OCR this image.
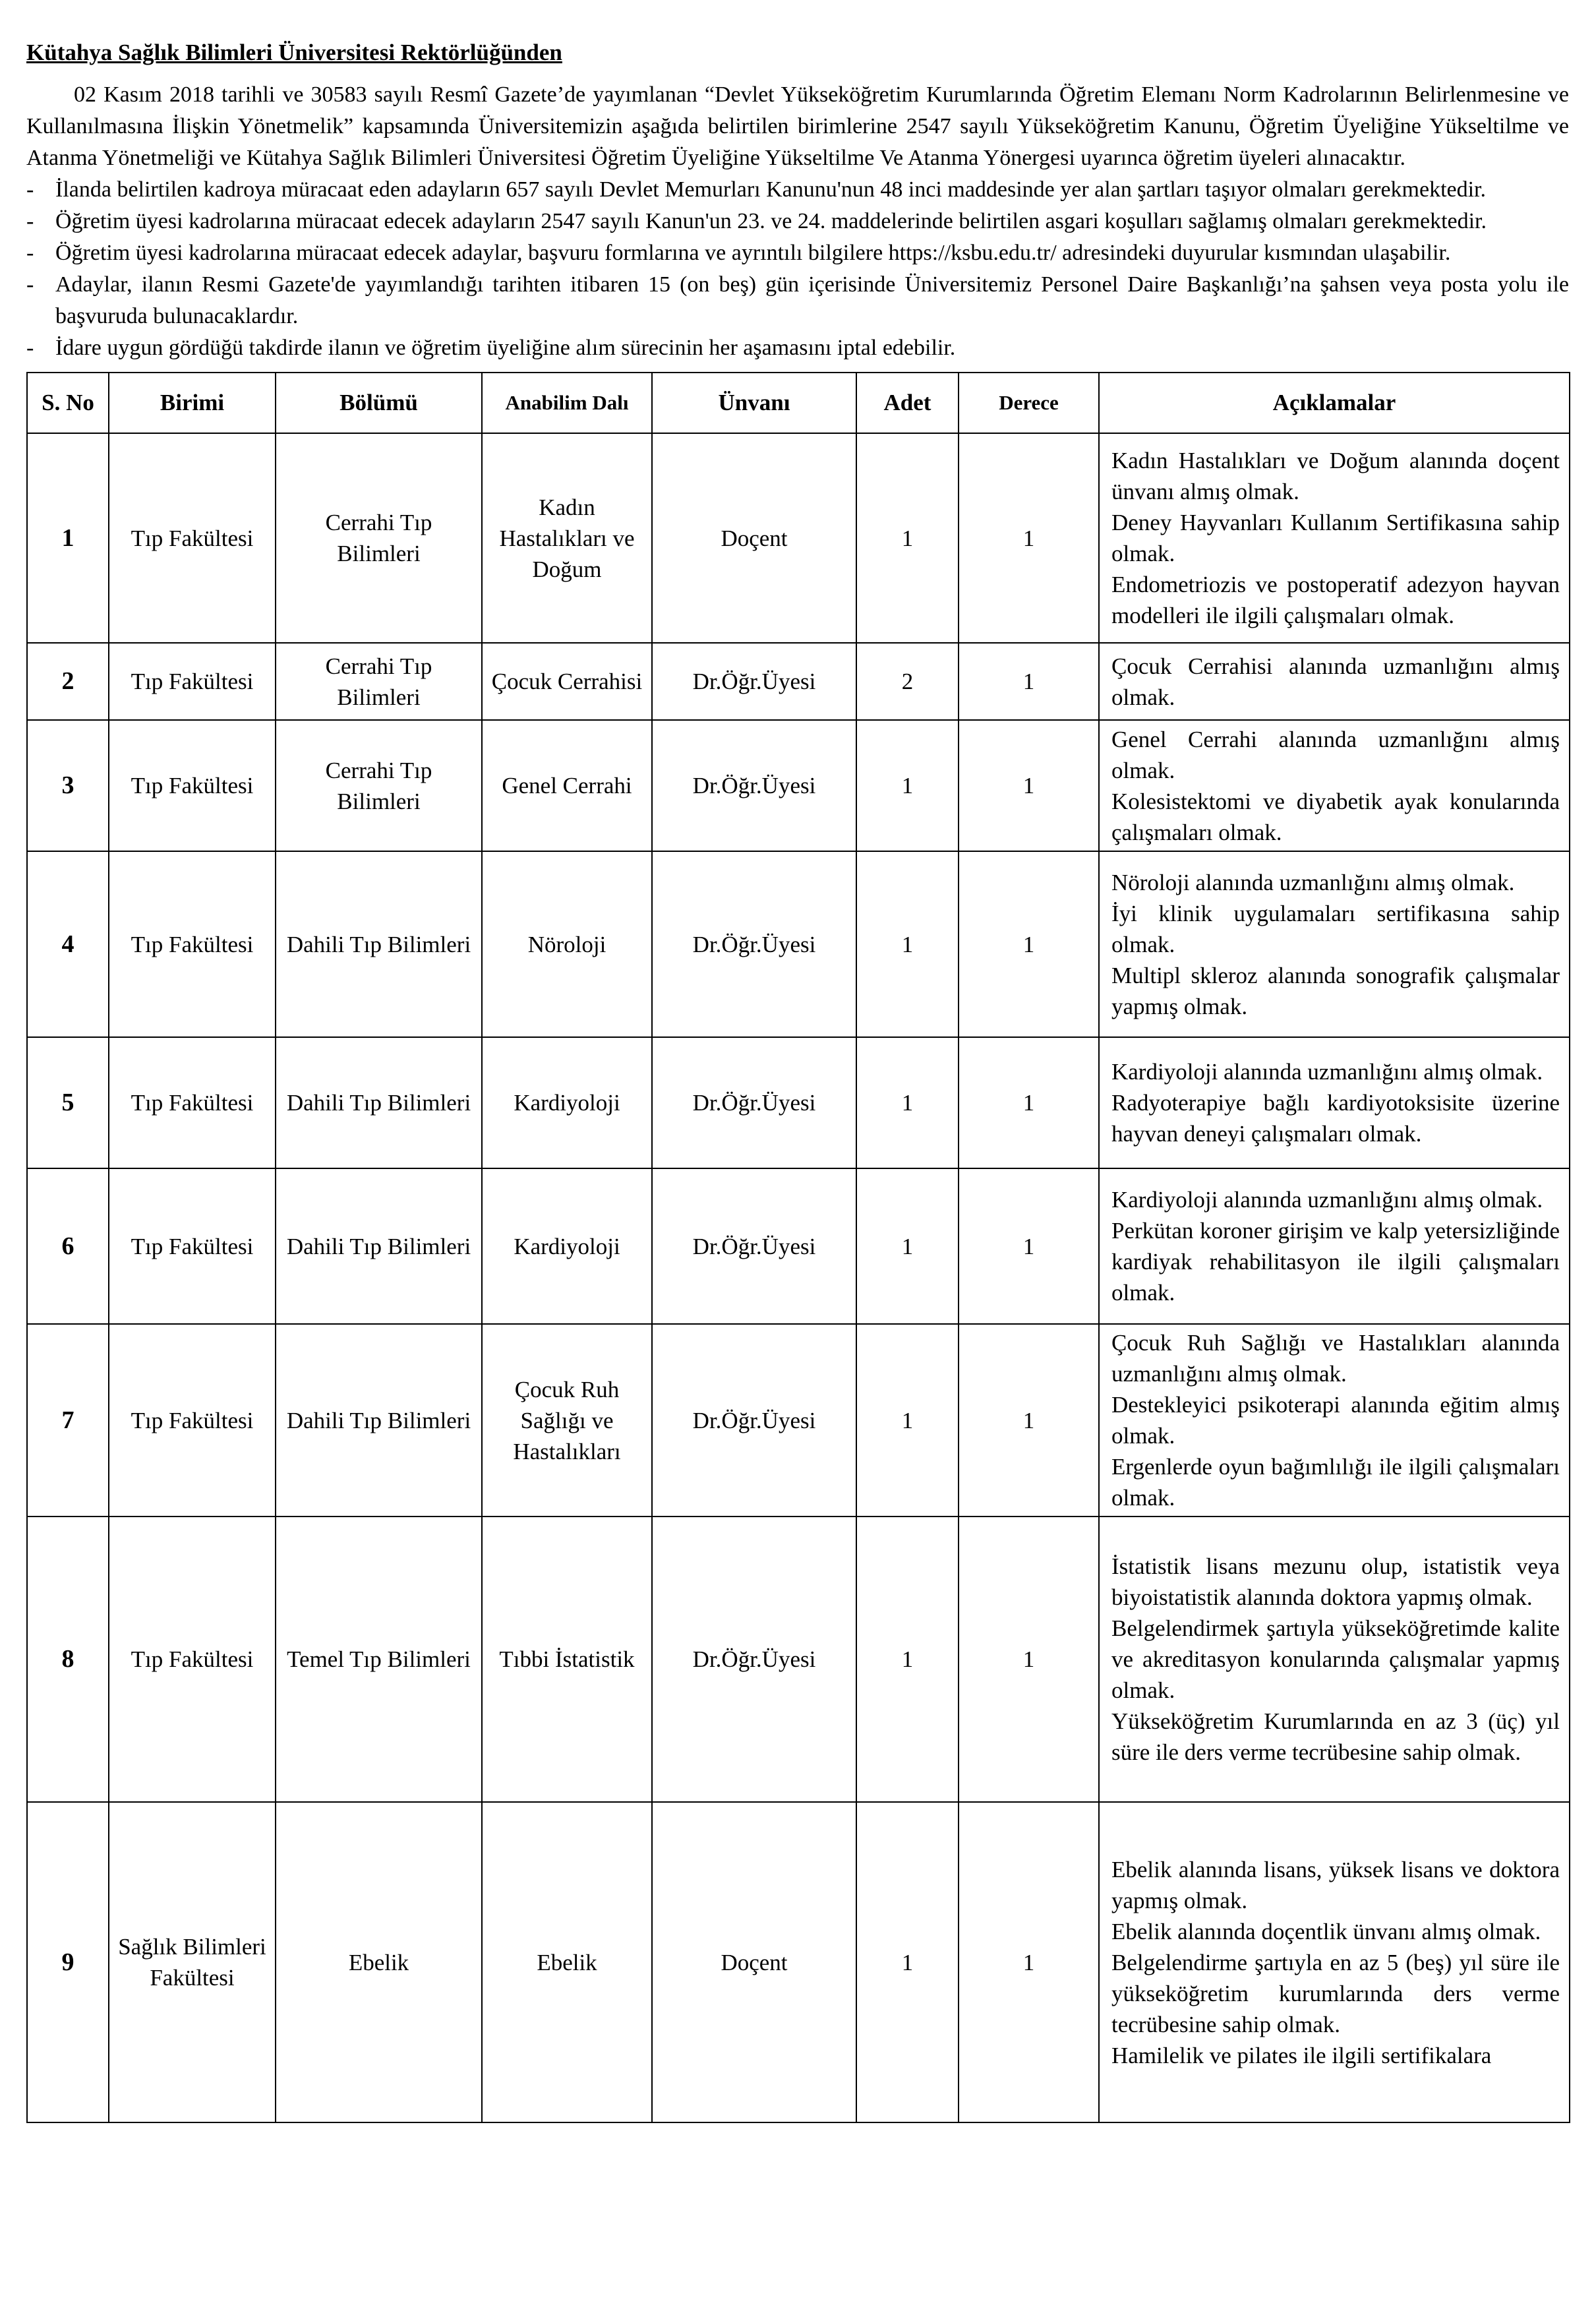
Kütahya Sağlık Bilimleri Üniversitesi Rektörlüğünden

02 Kasım 2018 tarihli ve 30583 sayılı Resmî Gazete’de yayımlanan “Devlet Yükseköğretim Kurumlarında Öğretim Elemanı Norm Kadrolarının Belirlenmesine ve Kullanılmasına İlişkin Yönetmelik” kapsamında Üniversitemizin aşağıda belirtilen birimlerine 2547 sayılı Yükseköğretim Kanunu, Öğretim Üyeliğine Yükseltilme ve Atanma Yönetmeliği ve Kütahya Sağlık Bilimleri Üniversitesi Öğretim Üyeliğine Yükseltilme Ve Atanma Yönergesi uyarınca öğretim üyeleri alınacaktır.

- İlanda belirtilen kadroya müracaat eden adayların 657 sayılı Devlet Memurları Kanunu'nun 48 inci maddesinde yer alan şartları taşıyor olmaları gerekmektedir.

- Öğretim üyesi kadrolarına müracaat edecek adayların 2547 sayılı Kanun'un 23. ve 24. maddelerinde belirtilen asgari koşulları sağlamış olmaları gerekmektedir.

- Öğretim üyesi kadrolarına müracaat edecek adaylar, başvuru formlarına ve ayrıntılı bilgilere https://ksbu.edu.tr/ adresindeki duyurular kısmından ulaşabilir.

- Adaylar, ilanın Resmi Gazete'de yayımlandığı tarihten itibaren 15 (on beş) gün içerisinde Üniversitemiz Personel Daire Başkanlığı’na şahsen veya posta yolu ile başvuruda bulunacaklardır.

- İdare uygun gördüğü takdirde ilanın ve öğretim üyeliğine alım sürecinin her aşamasını iptal edebilir.

S. No	Birimi	Bölümü	Anabilim Dalı	Ünvanı	Adet	Derece	Açıklamalar
1	Tıp Fakültesi	Cerrahi Tıp Bilimleri	Kadın Hastalıkları ve Doğum	Doçent	1	1	Kadın Hastalıkları ve Doğum alanında doçent ünvanı almış olmak.

Deney Hayvanları Kullanım Sertifikasına sahip olmak.

Endometriozis ve postoperatif adezyon hayvan modelleri ile ilgili çalışmaları olmak.

2	Tıp Fakültesi	Cerrahi Tıp Bilimleri	Çocuk Cerrahisi	Dr.Öğr.Üyesi	2	1	Çocuk Cerrahisi alanında uzmanlığını almış olmak.

3	Tıp Fakültesi	Cerrahi Tıp Bilimleri	Genel Cerrahi	Dr.Öğr.Üyesi	1	1	Genel Cerrahi alanında uzmanlığını almış olmak.

Kolesistektomi ve diyabetik ayak konularında çalışmaları olmak.

4	Tıp Fakültesi	Dahili Tıp Bilimleri	Nöroloji	Dr.Öğr.Üyesi	1	1	Nöroloji alanında uzmanlığını almış olmak.

İyi klinik uygulamaları sertifikasına sahip olmak.

Multipl skleroz alanında sonografik çalışmalar yapmış olmak.

5	Tıp Fakültesi	Dahili Tıp Bilimleri	Kardiyoloji	Dr.Öğr.Üyesi	1	1	Kardiyoloji alanında uzmanlığını almış olmak.

Radyoterapiye bağlı kardiyotoksisite üzerine hayvan deneyi çalışmaları olmak.

6	Tıp Fakültesi	Dahili Tıp Bilimleri	Kardiyoloji	Dr.Öğr.Üyesi	1	1	Kardiyoloji alanında uzmanlığını almış olmak.

Perkütan koroner girişim ve kalp yetersizliğinde kardiyak rehabilitasyon ile ilgili çalışmaları olmak.

7	Tıp Fakültesi	Dahili Tıp Bilimleri	Çocuk Ruh Sağlığı ve Hastalıkları	Dr.Öğr.Üyesi	1	1	Çocuk Ruh Sağlığı ve Hastalıkları alanında uzmanlığını almış olmak.

Destekleyici psikoterapi alanında eğitim almış olmak.

Ergenlerde oyun bağımlılığı ile ilgili çalışmaları olmak.

8	Tıp Fakültesi	Temel Tıp Bilimleri	Tıbbi İstatistik	Dr.Öğr.Üyesi	1	1	İstatistik lisans mezunu olup, istatistik veya biyoistatistik alanında doktora yapmış olmak.

Belgelendirmek şartıyla yükseköğretimde kalite ve akreditasyon konularında çalışmalar yapmış olmak.

Yükseköğretim Kurumlarında en az 3 (üç) yıl süre ile ders verme tecrübesine sahip olmak.

9	Sağlık Bilimleri Fakültesi	Ebelik	Ebelik	Doçent	1	1	Ebelik alanında lisans, yüksek lisans ve doktora yapmış olmak.

Ebelik alanında doçentlik ünvanı almış olmak.

Belgelendirme şartıyla en az 5 (beş) yıl süre ile yükseköğretim kurumlarında ders verme tecrübesine sahip olmak.

Hamilelik ve pilates ile ilgili sertifikalara
